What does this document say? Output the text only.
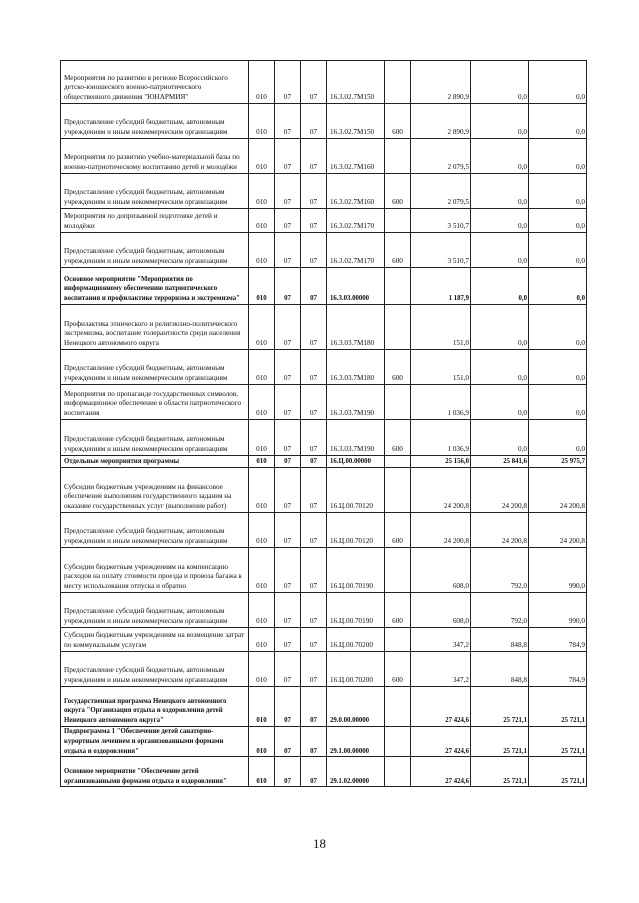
Мероприятия по развитию в регионе Всероссийского детско-юношеского военно-патриотического общественного движения "ЮНАРМИЯ"	010	07	07	16.3.02.7М150		2 890,9	0,0	0,0
Предоставление субсидий бюджетным, автономным учреждениям и иным некоммерческим организациям	010	07	07	16.3.02.7М150	600	2 890,9	0,0	0,0
Мероприятия по развитию учебно-материальной базы по военно-патриотическому воспитанию детей и молодёжи	010	07	07	16.3.02.7М160		2 079,5	0,0	0,0
Предоставление субсидий бюджетным, автономным учреждениям и иным некоммерческим организациям	010	07	07	16.3.02.7М160	600	2 079,5	0,0	0,0
Мероприятия по допризывной подготовке детей и молодёжи	010	07	07	16.3.02.7М170		3 510,7	0,0	0,0
Предоставление субсидий бюджетным, автономным учреждениям и иным некоммерческим организациям	010	07	07	16.3.02.7М170	600	3 510,7	0,0	0,0
Основное мероприятие "Мероприятия по информационному обеспечению патриотического воспитания и профилактике терроризма и экстремизма"	010	07	07	16.3.03.00000		1 187,9	0,0	0,0
Профилактика этнического и религиозно-политического экстремизма, воспитание толерантности среди населения Ненецкого автономного округа	010	07	07	16.3.03.7М180		151,0	0,0	0,0
Предоставление субсидий бюджетным, автономным учреждениям и иным некоммерческим организациям	010	07	07	16.3.03.7М180	600	151,0	0,0	0,0
Мероприятия по пропаганде государственных символов, информационное обеспечение в области патриотического воспитания	010	07	07	16.3.03.7М190		1 036,9	0,0	0,0
Предоставление субсидий бюджетным, автономным учреждениям и иным некоммерческим организациям	010	07	07	16.3.03.7М190	600	1 036,9	0,0	0,0
Отдельные мероприятия программы	010	07	07	16.Ц.00.00000		25 156,0	25 841,6	25 975,7
Субсидии бюджетным учреждениям на финансовое обеспечение выполнения государственного задания на оказание государственных услуг (выполнение работ)	010	07	07	16.Ц.00.70120		24 200,8	24 200,8	24 200,8
Предоставление субсидий бюджетным, автономным учреждениям и иным некоммерческим организациям	010	07	07	16.Ц.00.70120	600	24 200,8	24 200,8	24 200,8
Субсидии бюджетным учреждениям на компенсацию расходов на оплату стоимости проезда и провоза багажа к месту использования отпуска и обратно	010	07	07	16.Ц.00.70190		608,0	792,0	990,0
Предоставление субсидий бюджетным, автономным учреждениям и иным некоммерческим организациям	010	07	07	16.Ц.00.70190	600	608,0	792,0	990,0
Субсидии бюджетным учреждениям на возмещение затрат по коммунальным услугам	010	07	07	16.Ц.00.70200		347,2	848,8	784,9
Предоставление субсидий бюджетным, автономным учреждениям и иным некоммерческим организациям	010	07	07	16.Ц.00.70200	600	347,2	848,8	784,9
Государственная программа Ненецкого автономного округа "Организация отдыха и оздоровления детей Ненецкого автономного округа"	010	07	07	29.0.00.00000		27 424,6	25 721,1	25 721,1
Подпрограмма 1 "Обеспечение детей санаторно-курортным лечением и организованными формами отдыха и оздоровления"	010	07	07	29.1.00.00000		27 424,6	25 721,1	25 721,1
Основное мероприятие "Обеспечение детей организованными формами отдыха и оздоровления"	010	07	07	29.1.02.00000		27 424,6	25 721,1	25 721,1
18
